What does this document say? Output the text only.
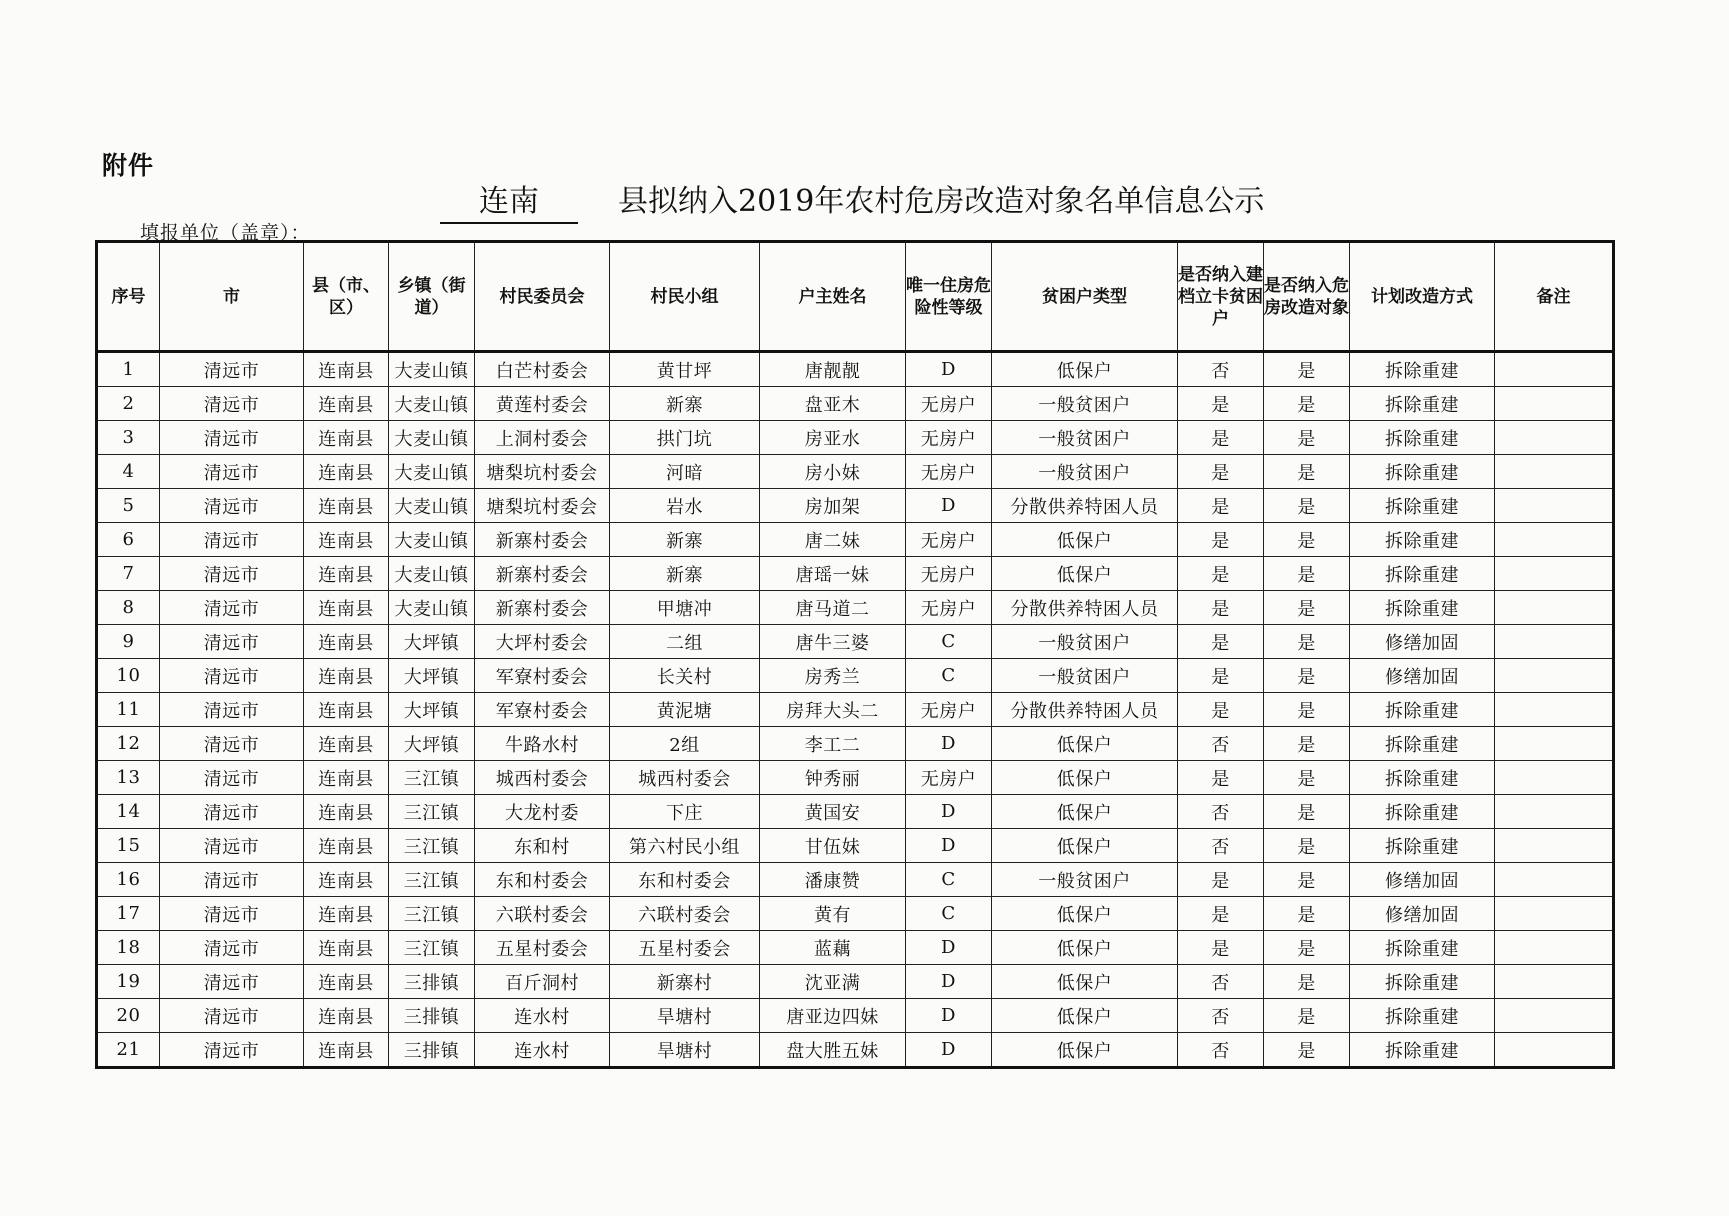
附件
连南	县拟纳入2019年农村危房改造对象名单信息公示
填报单位（盖章）：
序号	市	县（市、区）	乡镇（街道）	村民委员会	村民小组	户主姓名	唯一住房危险性等级	贫困户类型	是否纳入建档立卡贫困户	是否纳入危房改造对象	计划改造方式	备注
1	清远市	连南县	大麦山镇	白芒村委会	黄甘坪	唐靓靓	D	低保户	否	是	拆除重建	
2	清远市	连南县	大麦山镇	黄莲村委会	新寨	盘亚木	无房户	一般贫困户	是	是	拆除重建	
3	清远市	连南县	大麦山镇	上洞村委会	拱门坑	房亚水	无房户	一般贫困户	是	是	拆除重建	
4	清远市	连南县	大麦山镇	塘梨坑村委会	河暗	房小妹	无房户	一般贫困户	是	是	拆除重建	
5	清远市	连南县	大麦山镇	塘梨坑村委会	岩水	房加架	D	分散供养特困人员	是	是	拆除重建	
6	清远市	连南县	大麦山镇	新寨村委会	新寨	唐二妹	无房户	低保户	是	是	拆除重建	
7	清远市	连南县	大麦山镇	新寨村委会	新寨	唐瑶一妹	无房户	低保户	是	是	拆除重建	
8	清远市	连南县	大麦山镇	新寨村委会	甲塘冲	唐马道二	无房户	分散供养特困人员	是	是	拆除重建	
9	清远市	连南县	大坪镇	大坪村委会	二组	唐牛三婆	C	一般贫困户	是	是	修缮加固	
10	清远市	连南县	大坪镇	军寮村委会	长关村	房秀兰	C	一般贫困户	是	是	修缮加固	
11	清远市	连南县	大坪镇	军寮村委会	黄泥塘	房拜大头二	无房户	分散供养特困人员	是	是	拆除重建	
12	清远市	连南县	大坪镇	牛路水村	2组	李工二	D	低保户	否	是	拆除重建	
13	清远市	连南县	三江镇	城西村委会	城西村委会	钟秀丽	无房户	低保户	是	是	拆除重建	
14	清远市	连南县	三江镇	大龙村委	下庄	黄国安	D	低保户	否	是	拆除重建	
15	清远市	连南县	三江镇	东和村	第六村民小组	甘伍妹	D	低保户	否	是	拆除重建	
16	清远市	连南县	三江镇	东和村委会	东和村委会	潘康赞	C	一般贫困户	是	是	修缮加固	
17	清远市	连南县	三江镇	六联村委会	六联村委会	黄有	C	低保户	是	是	修缮加固	
18	清远市	连南县	三江镇	五星村委会	五星村委会	蓝藕	D	低保户	是	是	拆除重建	
19	清远市	连南县	三排镇	百斤洞村	新寨村	沈亚满	D	低保户	否	是	拆除重建	
20	清远市	连南县	三排镇	连水村	旱塘村	唐亚边四妹	D	低保户	否	是	拆除重建	
21	清远市	连南县	三排镇	连水村	旱塘村	盘大胜五妹	D	低保户	否	是	拆除重建	
